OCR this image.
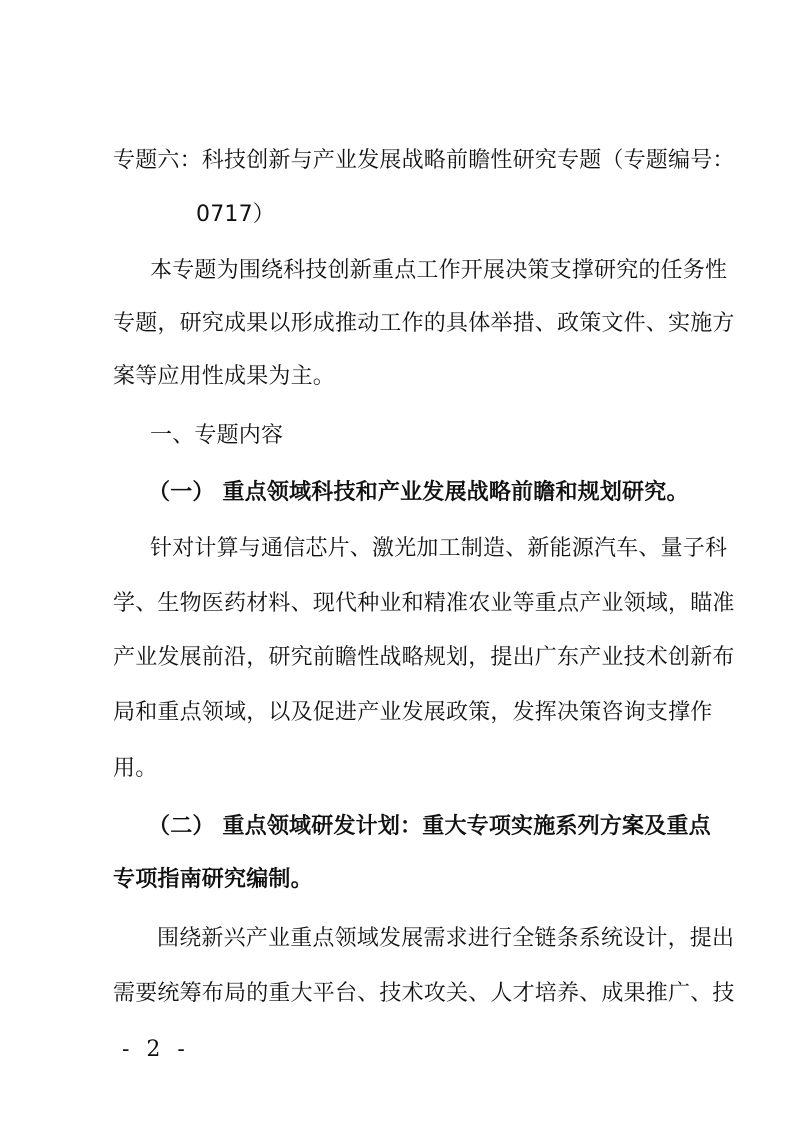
专题六：科技创新与产业发展战略前瞻性研究专题（专题编号：
0717）
本专题为围绕科技创新重点工作开展决策支撑研究的任务性
专题，研究成果以形成推动工作的具体举措、政策文件、实施方
案等应用性成果为主。
一、专题内容
（一） 重点领域科技和产业发展战略前瞻和规划研究。
针对计算与通信芯片、激光加工制造、新能源汽车、量子科
学、生物医药材料、现代种业和精准农业等重点产业领域，瞄准
产业发展前沿，研究前瞻性战略规划，提出广东产业技术创新布
局和重点领域，以及促进产业发展政策，发挥决策咨询支撑作
用。
（二） 重点领域研发计划：重大专项实施系列方案及重点
专项指南研究编制。
围绕新兴产业重点领域发展需求进行全链条系统设计，提出
需要统筹布局的重大平台、技术攻关、人才培养、成果推广、技
- 2 -
